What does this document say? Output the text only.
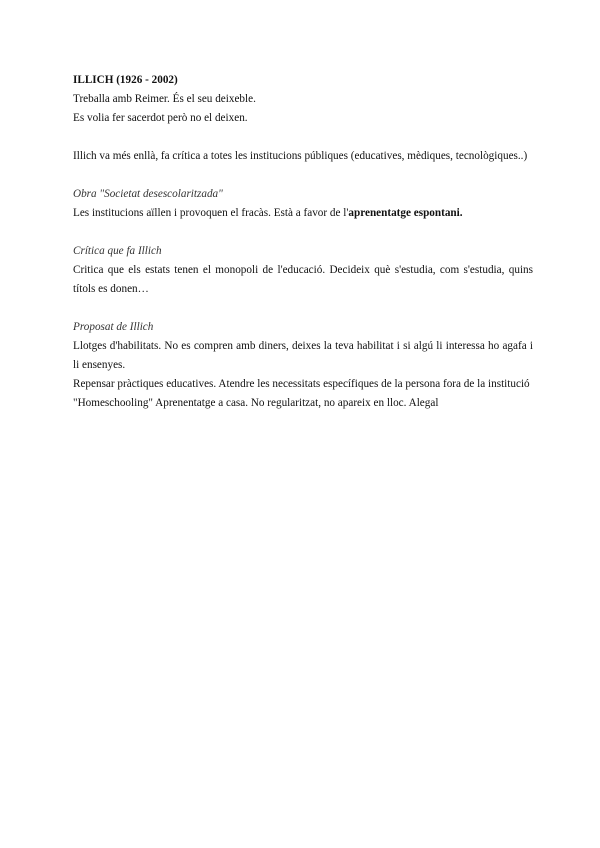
ILLICH (1926 - 2002)
Treballa amb Reimer. És el seu deixeble.
Es volia fer sacerdot però no el deixen.
Illich va més enllà, fa crítica a totes les institucions públiques (educatives, mèdiques, tecnològiques..)
Obra "Societat desescolaritzada"
Les institucions aïllen i provoquen el fracàs. Està a favor de l'aprenentatge espontani.
Crítica que fa Illich
Critica que els estats tenen el monopoli de l'educació. Decideix què s'estudia, com s'estudia, quins títols es donen…
Proposat de Illich
Llotges d'habilitats. No es compren amb diners, deixes la teva habilitat i si algú li interessa ho agafa i li ensenyes.
Repensar pràctiques educatives. Atendre les necessitats específiques de la persona fora de la institució
"Homeschooling" Aprenentatge a casa. No regularitzat, no apareix en lloc. Alegal
